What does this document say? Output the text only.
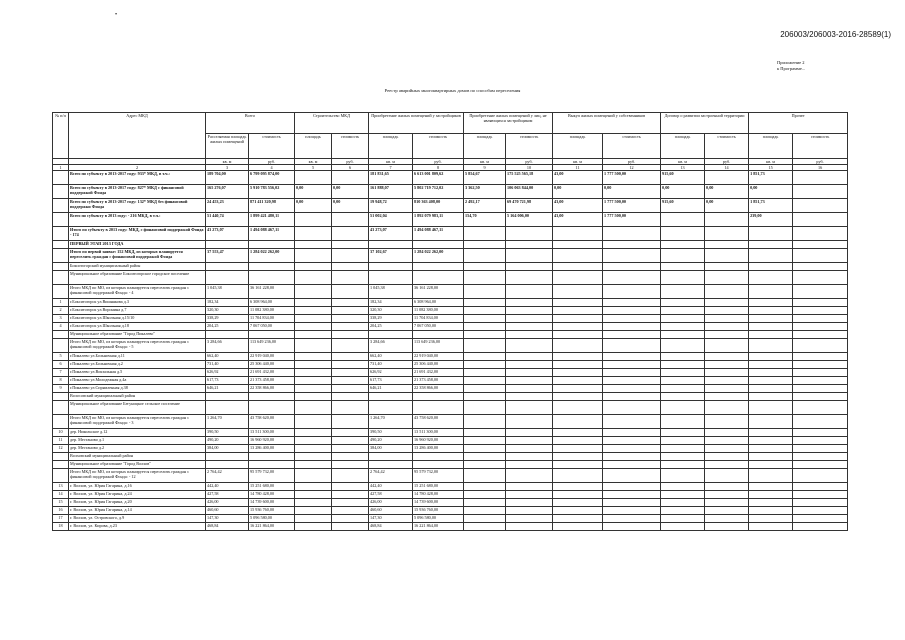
•
206003/206003-2016-28589(1)
Приложение 2
к Программе...
Реестр аварийных многоквартирных домов по способам переселения
№ п/п	Адрес МКД	Всего		Строительство МКД		Приобретение жилых помещений у застройщиков		Приобретение жилых помещений у лиц, не являющихся застройщиком		Выкуп жилых помещений у собственников		Договор о развитии застроенной территории		Прочее	
		Расселяемая площадь жилых помещений	стоимость	площадь	стоимость	площадь	стоимость	площадь	стоимость	площадь	стоимость	площадь	стоимость	площадь	стоимость
		кв. м	руб.	кв. м	руб.	кв. м	руб.	кв. м	руб.	кв. м	руб.	кв. м	руб.	кв. м	руб.
1	2	3	4	5	6	7	8	9	10	11	12	13	14	15	16
	Всего по субъекту в 2013-2017 году: 933* МКД, в т.ч.:	189 704,00	6 799 095 874,00			181 831,65	6 613 001 809,62	5 854,67	175 525 565,18	43,00	1 777 500,00	915,60		1 851,73	
	Всего по субъекту в 2013-2017 году: 827* МКД с финансовой поддержкой Фонда	165 276,07	5 910 783 556,02	0,00	0,00	161 888,07	5 802 719 712,02	3 362,50	106 063 844,00	0,00	0,00	0,00	0,00	0,00	
	Всего по субъекту в 2013-2017 году: 132* МКД без финансовой поддержки Фонда	24 453,23	871 411 320,98	0,00	0,00	19 948,72	810 363 408,00	2 492,17	69 470 721,98	43,00	1 777 500,00	915,60	0,00	1 851,73	
	Всего по субъекту в 2013 году: - 216 МКД, в т.ч.:	51 440,74	1 899 421 480,11			51 002,04	1 892 079 983,11	154,70	5 164 006,00	43,00	1 777 500,00			239,00	
	Итого по субъекту в 2013 году: МКД, с финансовой поддержкой Фонда - 174	43 273,07	1 494 088 467,11			43 273,07	1 494 088 467,11								
	ПЕРВЫЙ ЭТАП 2013 ГОДА														
	Итого по первой заявке: 152 МКД, из которых планируется переселить граждан с финансовой поддержкой Фонда	37 553,47	1 284 022 262,00			37 102,67	1 284 022 262,00								
	Бокситогорский муниципальный район														
	Муниципальное образование Бокситогорское городское поселение														
	Итого МКД по МО, из которых планируется переселить граждан с финансовой поддержкой Фонда: - 4	1 045,38	36 161 228,00			1 045,38	36 161 228,00								
1	г.Бокситогорск ул.Вишнякова д.3	182,34	6 308 964,00			182,34	6 308 964,00								
2	г.Бокситогорск ул.Воронина д.7	320,30	11 082 380,00			320,30	11 082 380,00								
3	г.Бокситогорск ул.Школьная д.15/10	338,29	11 704 834,00			338,29	11 704 834,00								
4	г.Бокситогорск ул.Школьная д.18	204,25	7 067 050,00			204,25	7 067 050,00								
	Муниципальное образование "Город Пикалево"														
	Итого МКД по МО, из которых планируется переселить граждан с финансовой поддержкой Фонда: - 5	3 284,66	113 649 236,00			3 284,66	113 649 236,00								
5	г.Пикалево ул.Больничная д.11	662,40	22 919 040,00			662,40	22 919 040,00								
6	г.Пикалево ул.Больничная д.2	731,40	25 306 440,00			731,40	25 306 440,00								
7	г.Пикалево ул.Вокзальная д.5	626,92	21 691 432,00			626,92	21 691 432,00								
8	г.Пикалево ул.Молодежная д.4а	617,73	21 373 458,00			617,73	21 373 458,00								
9	г.Пикалево ул.Спрямленная д.38	646,21	22 358 866,00			646,21	22 358 866,00								
	Волосовский муниципальный район														
	Муниципальное образование Бегуницкое сельское поселение														
	Итого МКД по МО, из которых планируется переселить граждан с финансовой поддержкой Фонда: - 3	1 264,70	43 758 620,00			1 264,70	43 758 620,00								
10	дер. Никольское д.12	390,50	13 511 300,00			390,50	13 511 300,00								
11	дер. Местаново д.1	490,20	16 960 920,00			490,20	16 960 920,00								
12	дер. Местаново д.2	384,00	13 286 400,00			384,00	13 286 400,00								
	Волховский муниципальный район														
	Муниципальное образование "Город Волхов"														
	Итого МКД по МО, из которых планируется переселить граждан с финансовой поддержкой Фонда: - 12	2 764,42	95 579 732,00			2 764,42	95 579 732,00								
13	г. Волхов, ул. Юрия Гагарина, д.16	442,40	15 251 680,00			442,40	15 251 680,00								
14	г. Волхов, ул. Юрия Гагарина, д.24	427,58	14 780 428,00			427,58	14 780 428,00								
15	г. Волхов, ул. Юрия Гагарина, д.20	426,00	14 739 600,00			426,00	14 739 600,00								
16	г. Волхов, ул. Юрия Гагарина, д.14	460,60	15 936 760,00			460,60	15 936 760,00								
17	г. Волхов, ул. Островского, д.9	147,30	5 096 580,00			147,30	5 096 580,00								
18	г. Волхов, ул. Кирова, д.23	468,84	16 221 864,00			468,84	16 221 864,00								
